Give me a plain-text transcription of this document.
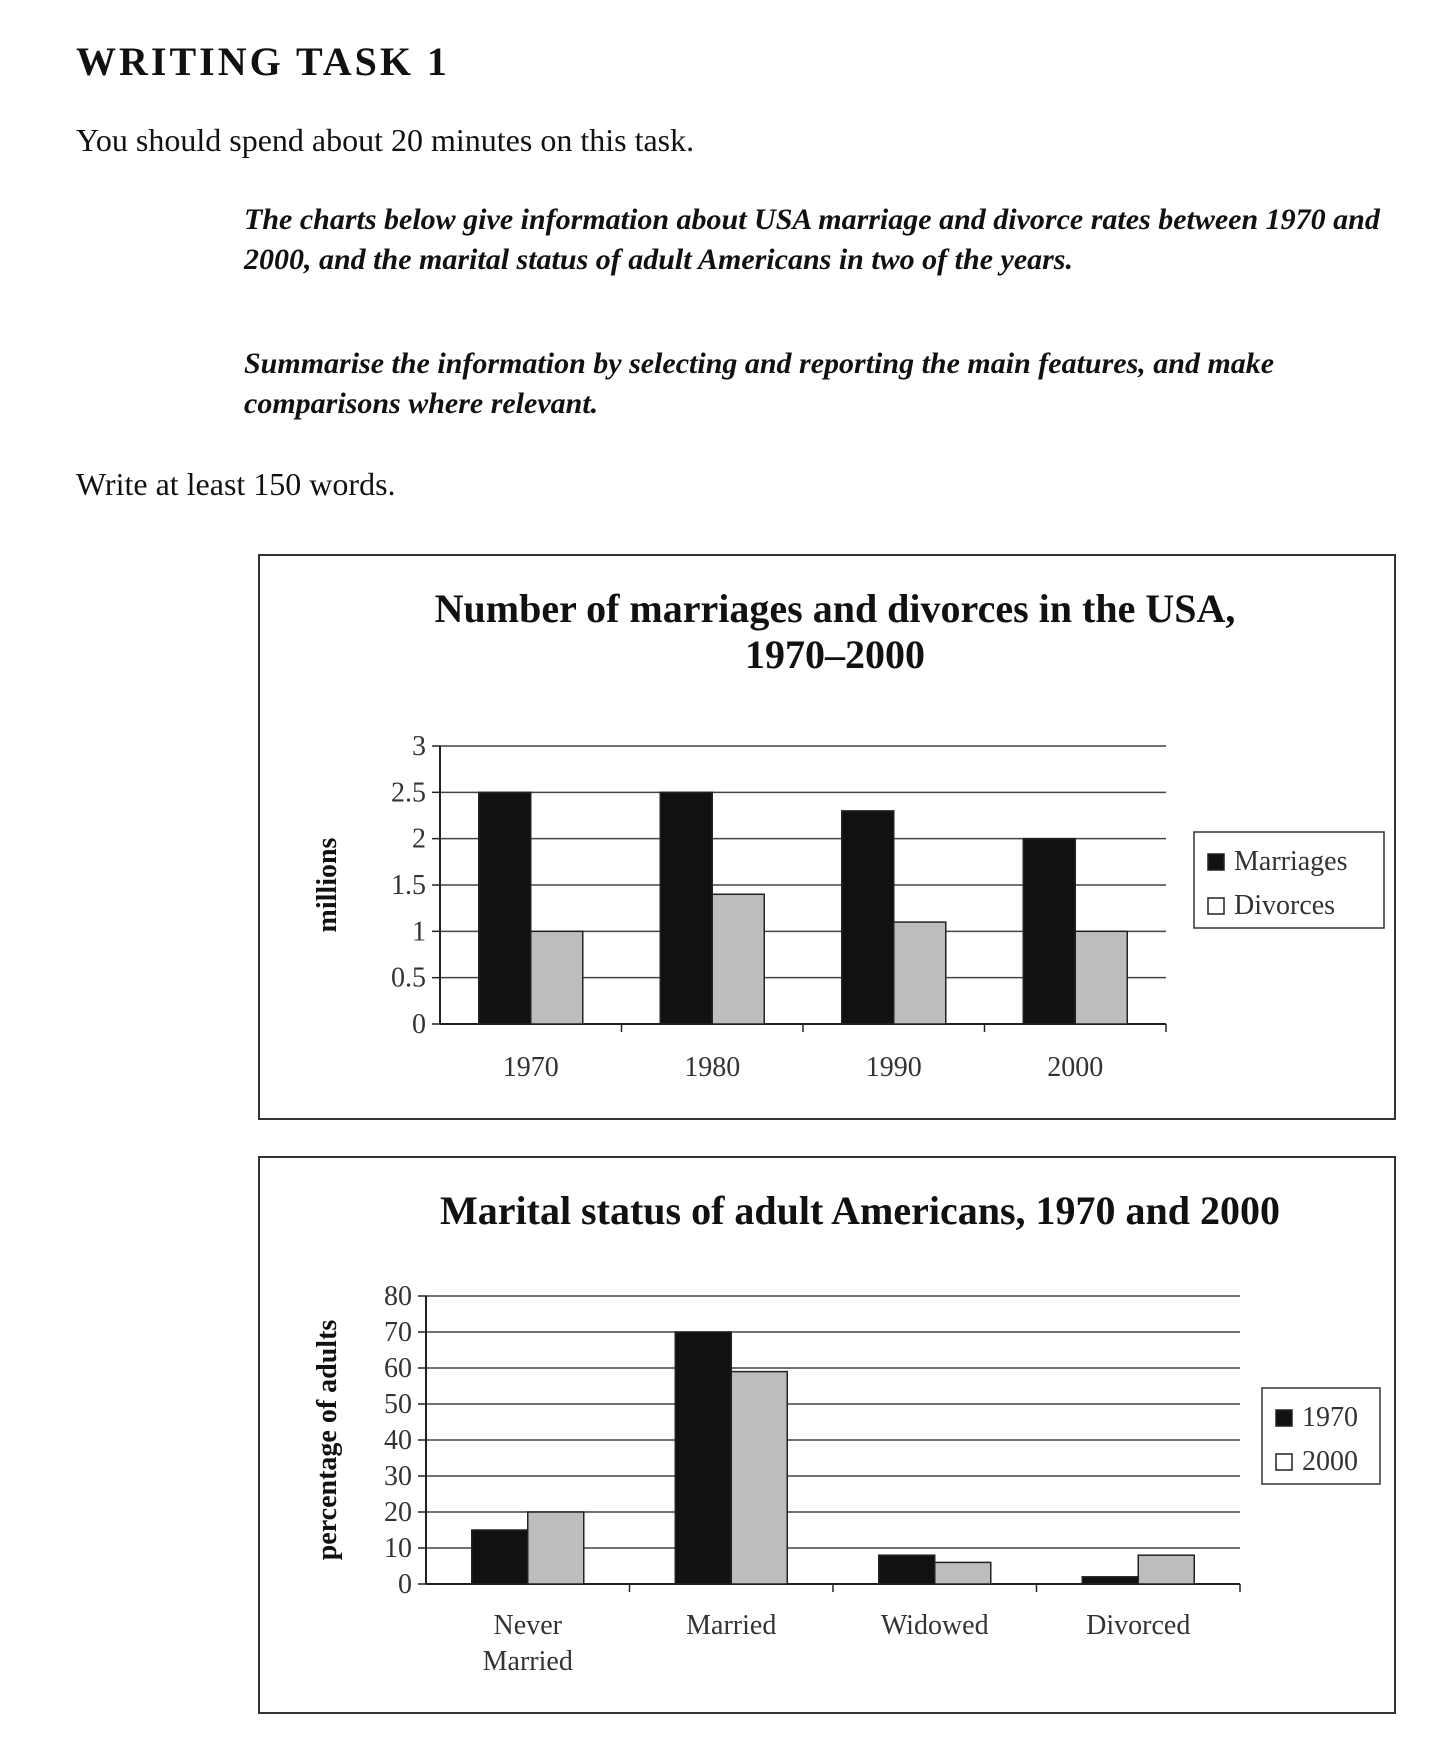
WRITING TASK 1

You should spend about 20 minutes on this task.

The charts below give information about USA marriage and divorce rates between 1970 and 2000, and the marital status of adult Americans in two of the years.

Summarise the information by selecting and reporting the main features, and make comparisons where relevant.

Write at least 150 words.

Number of marriages and divorces in the USA,
1970–2000
0
0.5
1
1.5
2
2.5
3
millions
1970	1980	1990	2000
Marriages
Divorces
Marital status of adult Americans, 1970 and 2000
0
10
20
30
40
50
60
70
80
percentage of adults
Never
Married
Married	Widowed	Divorced
1970
2000
